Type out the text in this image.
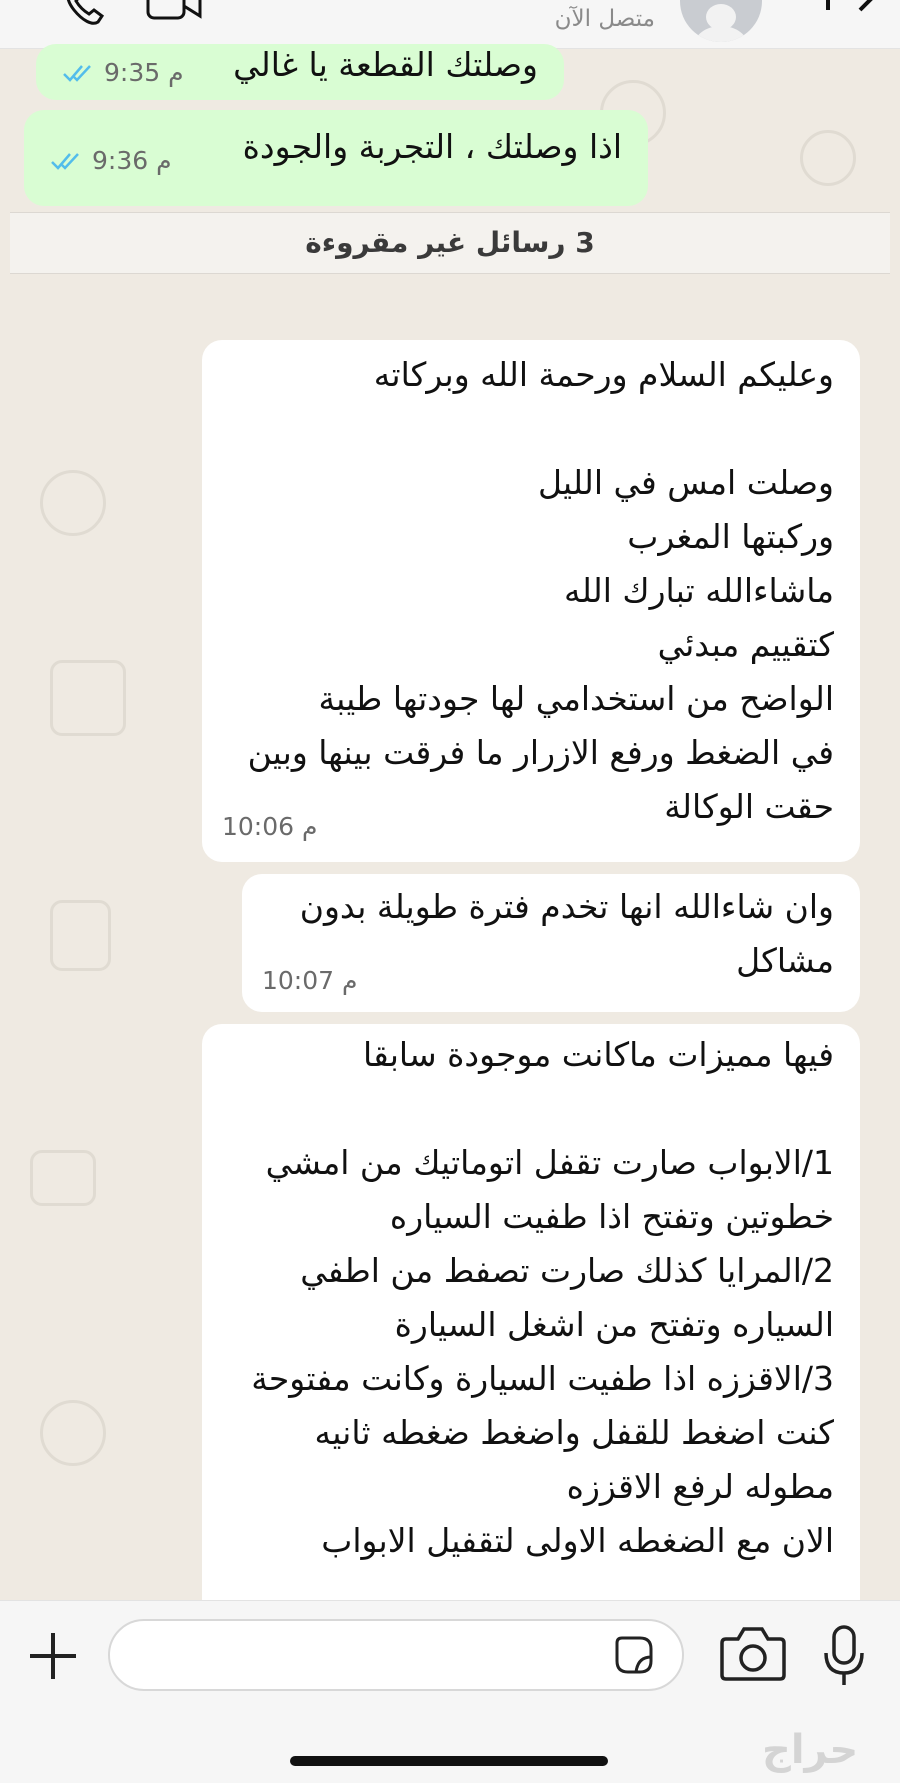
متصل الآن
وصلتك القطعة يا غالي
9:35 م
اذا وصلتك ، التجربة والجودة
9:36 م
3 رسائل غير مقروءة
وعليكم السلام ورحمة الله وبركاته

وصلت امس في الليل
وركبتها المغرب
ماشاءالله تبارك الله
كتقييم مبدئي
الواضح من استخدامي لها جودتها طيبة
في الضغط ورفع الازرار ما فرقت بينها وبين
حقت الوكالة
10:06 م
وان شاءالله انها تخدم فترة طويلة بدون
مشاكل
10:07 م
فيها مميزات ماكانت موجودة سابقا

1/الابواب صارت تقفل اتوماتيك من امشي
خطوتين وتفتح اذا طفيت السياره
2/المرايا كذلك صارت تصفط من اطفي
السياره وتفتح من اشغل السيارة
3/الاقززه اذا طفيت السيارة وكانت مفتوحة
كنت اضغط للقفل واضغط ضغطه ثانيه
مطوله لرفع الاقززه
الان مع الضغطه الاولى لتقفيل الابواب
حراج
